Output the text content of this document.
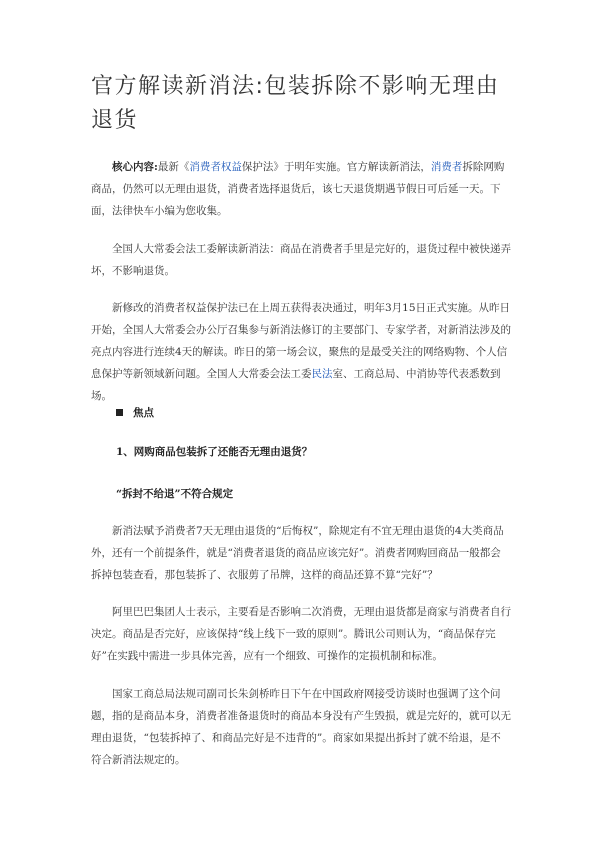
官方解读新消法:包装拆除不影响无理由退货

核心内容:最新《消费者权益保护法》于明年实施。官方解读新消法，消费者拆除网购商品，仍然可以无理由退货，消费者选择退货后，该七天退货期遇节假日可后延一天。下面，法律快车小编为您收集。

全国人大常委会法工委解读新消法：商品在消费者手里是完好的，退货过程中被快递弄坏，不影响退货。

新修改的消费者权益保护法已在上周五获得表决通过，明年3月15日正式实施。从昨日开始，全国人大常委会办公厅召集参与新消法修订的主要部门、专家学者，对新消法涉及的亮点内容进行连续4天的解读。昨日的第一场会议，聚焦的是最受关注的网络购物、个人信息保护等新领域新问题。全国人大常委会法工委民法室、工商总局、中消协等代表悉数到场。

焦点

1、网购商品包装拆了还能否无理由退货？

“拆封不给退”不符合规定

新消法赋予消费者7天无理由退货的“后悔权”，除规定有不宜无理由退货的4大类商品外，还有一个前提条件，就是“消费者退货的商品应该完好”。消费者网购回商品一般都会拆掉包装查看，那包装拆了、衣服剪了吊牌，这样的商品还算不算“完好”？

阿里巴巴集团人士表示，主要看是否影响二次消费，无理由退货都是商家与消费者自行决定。商品是否完好，应该保持“线上线下一致的原则”。腾讯公司则认为，“商品保存完好”在实践中需进一步具体完善，应有一个细致、可操作的定损机制和标准。

国家工商总局法规司副司长朱剑桥昨日下午在中国政府网接受访谈时也强调了这个问题，指的是商品本身，消费者准备退货时的商品本身没有产生毁损，就是完好的，就可以无理由退货，“包装拆掉了、和商品完好是不违背的”。商家如果提出拆封了就不给退，是不符合新消法规定的。
